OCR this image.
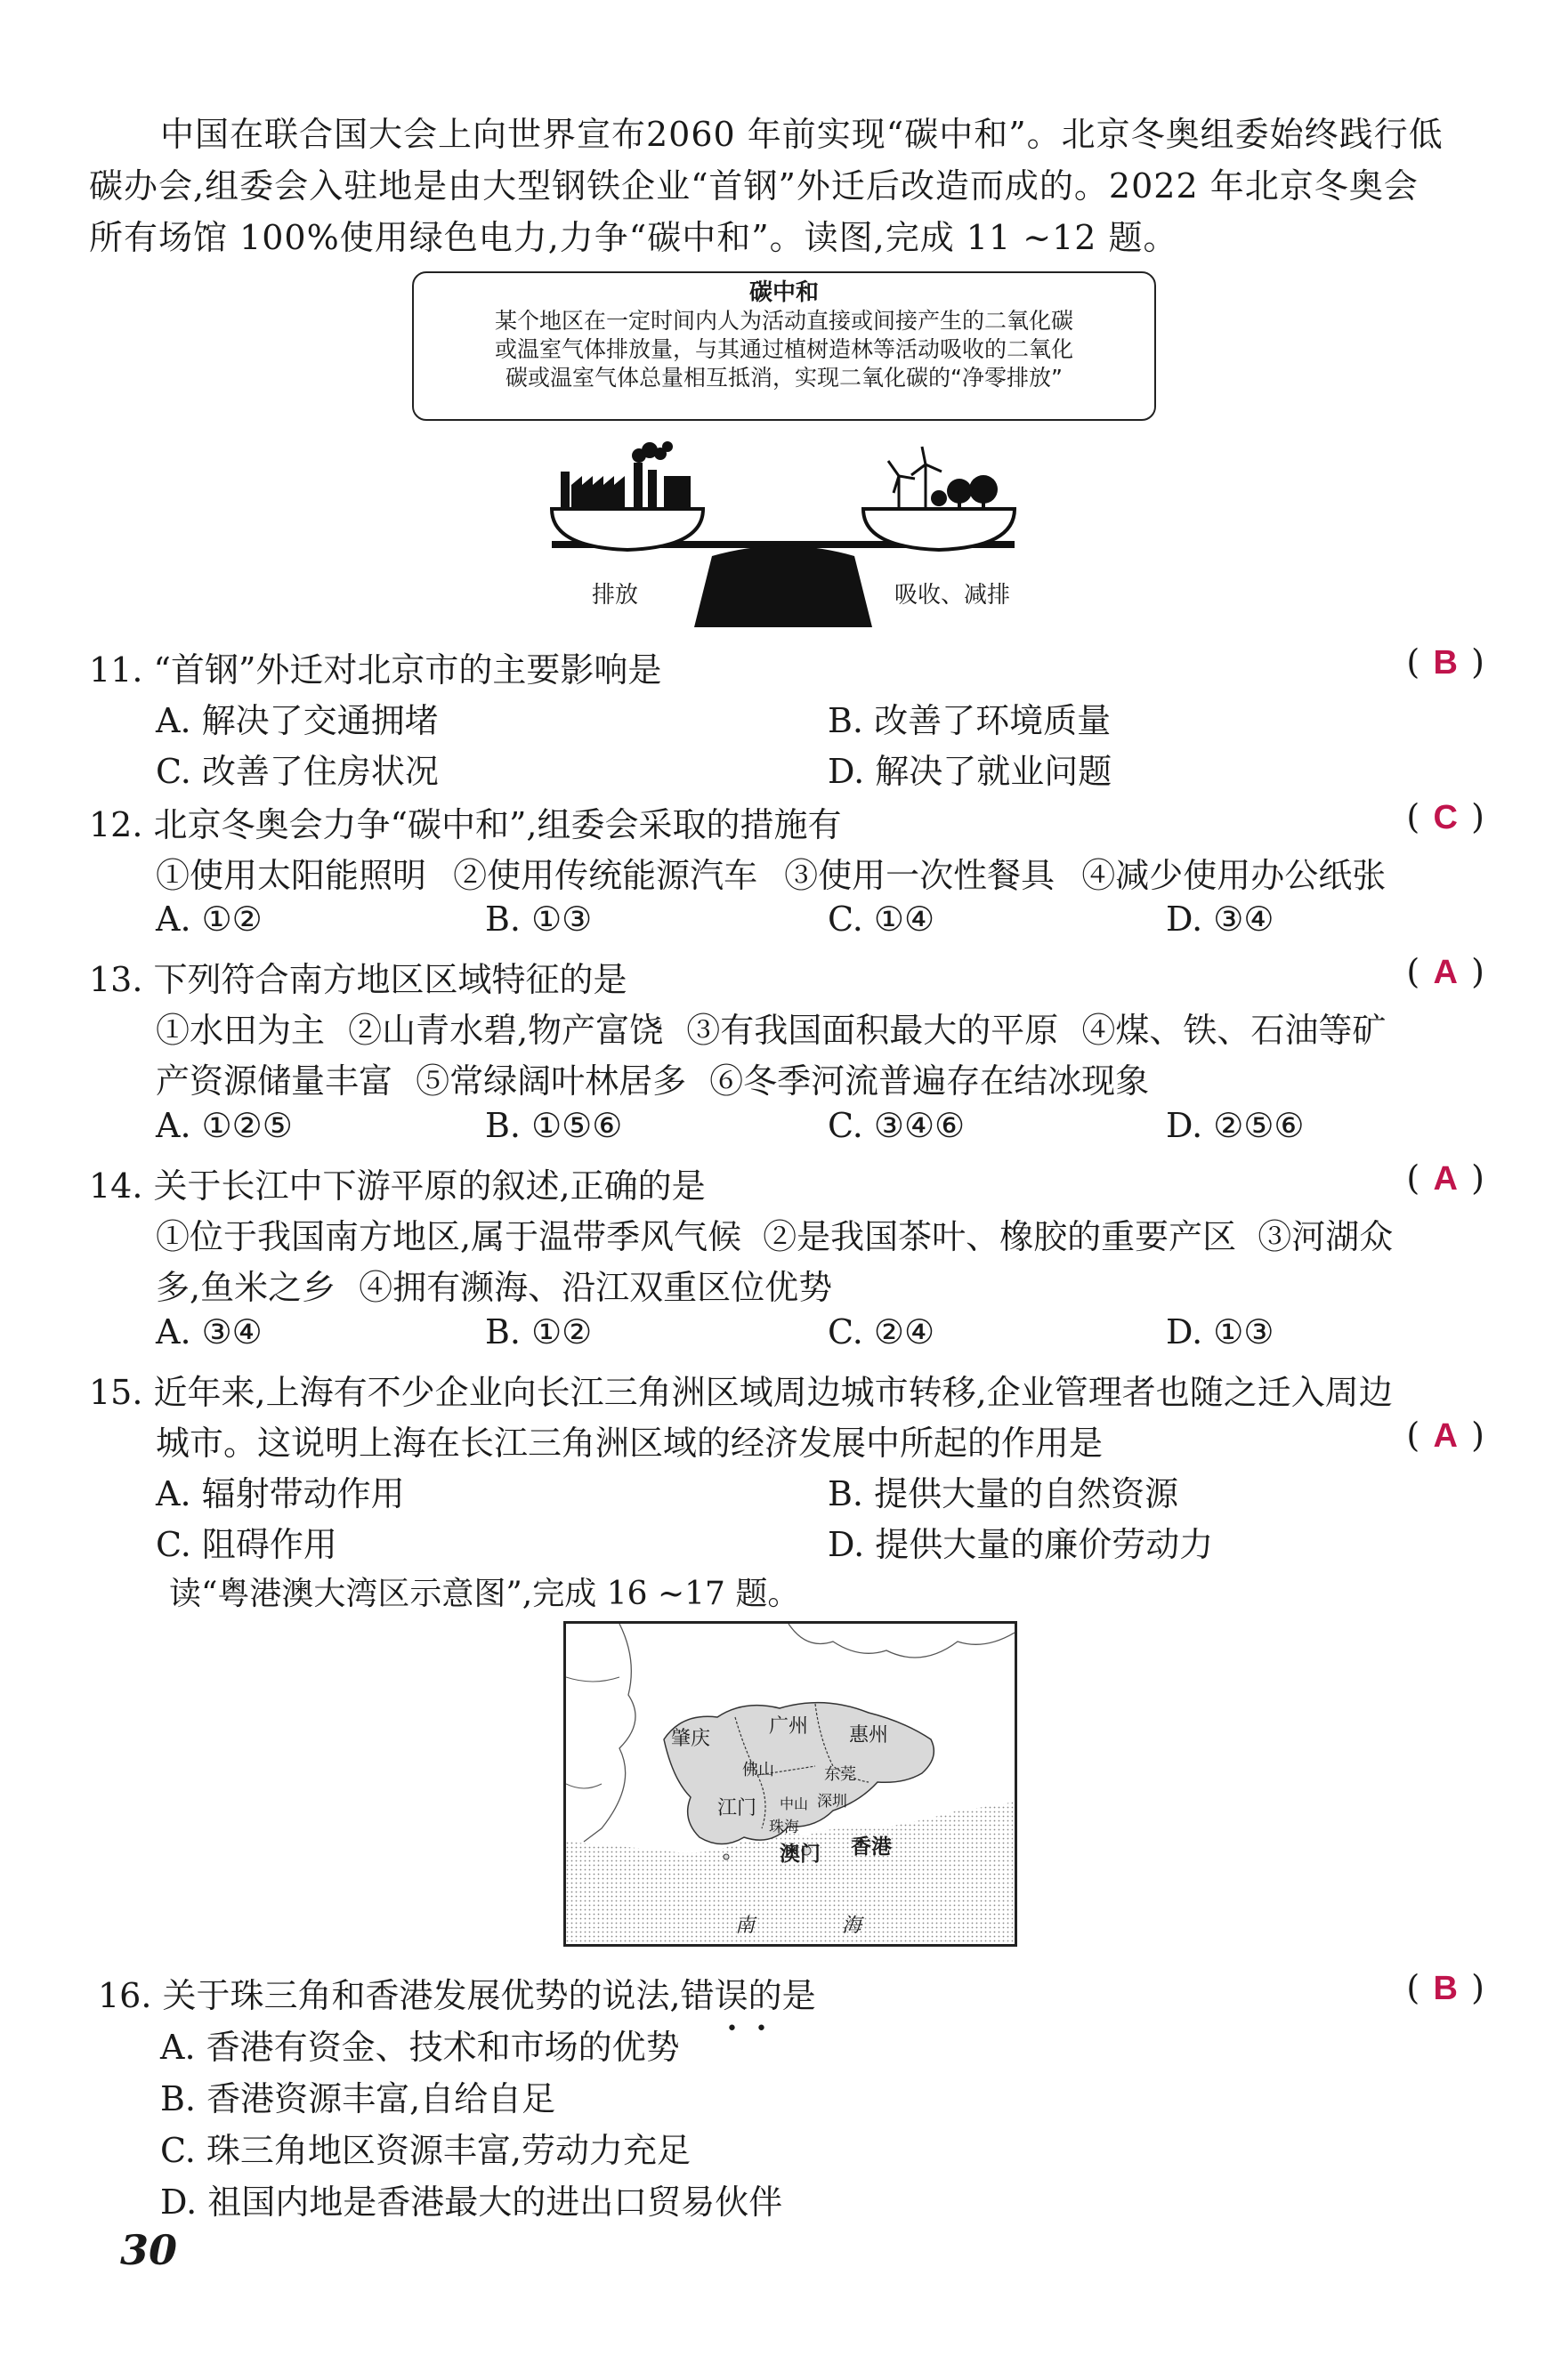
中国在联合国大会上向世界宣布2060 年前实现“碳中和”。北京冬奥组委始终践行低

碳办会,组委会入驻地是由大型钢铁企业“首钢”外迁后改造而成的。2022 年北京冬奥会

所有场馆 100%使用绿色电力,力争“碳中和”。读图,完成 11 ~12 题。

碳中和
某个地区在一定时间内人为活动直接或间接产生的二氧化碳
或温室气体排放量，与其通过植树造林等活动吸收的二氧化
碳或温室气体总量相互抵消，实现二氧化碳的“净零排放”
排放	吸收、减排
11. “首钢”外迁对北京市的主要影响是	( B )
A. 解决了交通拥堵	B. 改善了环境质量
C. 改善了住房状况	D. 解决了就业问题
12. 北京冬奥会力争“碳中和”,组委会采取的措施有	( C )
①使用太阳能照明 ②使用传统能源汽车 ③使用一次性餐具 ④减少使用办公纸张
A. ①②	B. ①③	C. ①④	D. ③④
13. 下列符合南方地区区域特征的是	( A )
①水田为主 ②山青水碧,物产富饶 ③有我国面积最大的平原 ④煤、铁、石油等矿
产资源储量丰富 ⑤常绿阔叶林居多 ⑥冬季河流普遍存在结冰现象
A. ①②⑤	B. ①⑤⑥	C. ③④⑥	D. ②⑤⑥
14. 关于长江中下游平原的叙述,正确的是	( A )
①位于我国南方地区,属于温带季风气候 ②是我国茶叶、橡胶的重要产区 ③河湖众
多,鱼米之乡 ④拥有濒海、沿江双重区位优势
A. ③④	B. ①②	C. ②④	D. ①③
15. 近年来,上海有不少企业向长江三角洲区域周边城市转移,企业管理者也随之迁入周边
城市。这说明上海在长江三角洲区域的经济发展中所起的作用是	( A )
A. 辐射带动作用	B. 提供大量的自然资源
C. 阻碍作用	D. 提供大量的廉价劳动力
读“粤港澳大湾区示意图”,完成 16 ~17 题。
肇庆
广州 惠州
佛山	东莞
江门	深圳
中山
珠海
澳门 香港
南	海
16. 关于珠三角和香港发展优势的说法,错误的是
••
( B )
A. 香港有资金、技术和市场的优势
B. 香港资源丰富,自给自足
C. 珠三角地区资源丰富,劳动力充足
D. 祖国内地是香港最大的进出口贸易伙伴
30
